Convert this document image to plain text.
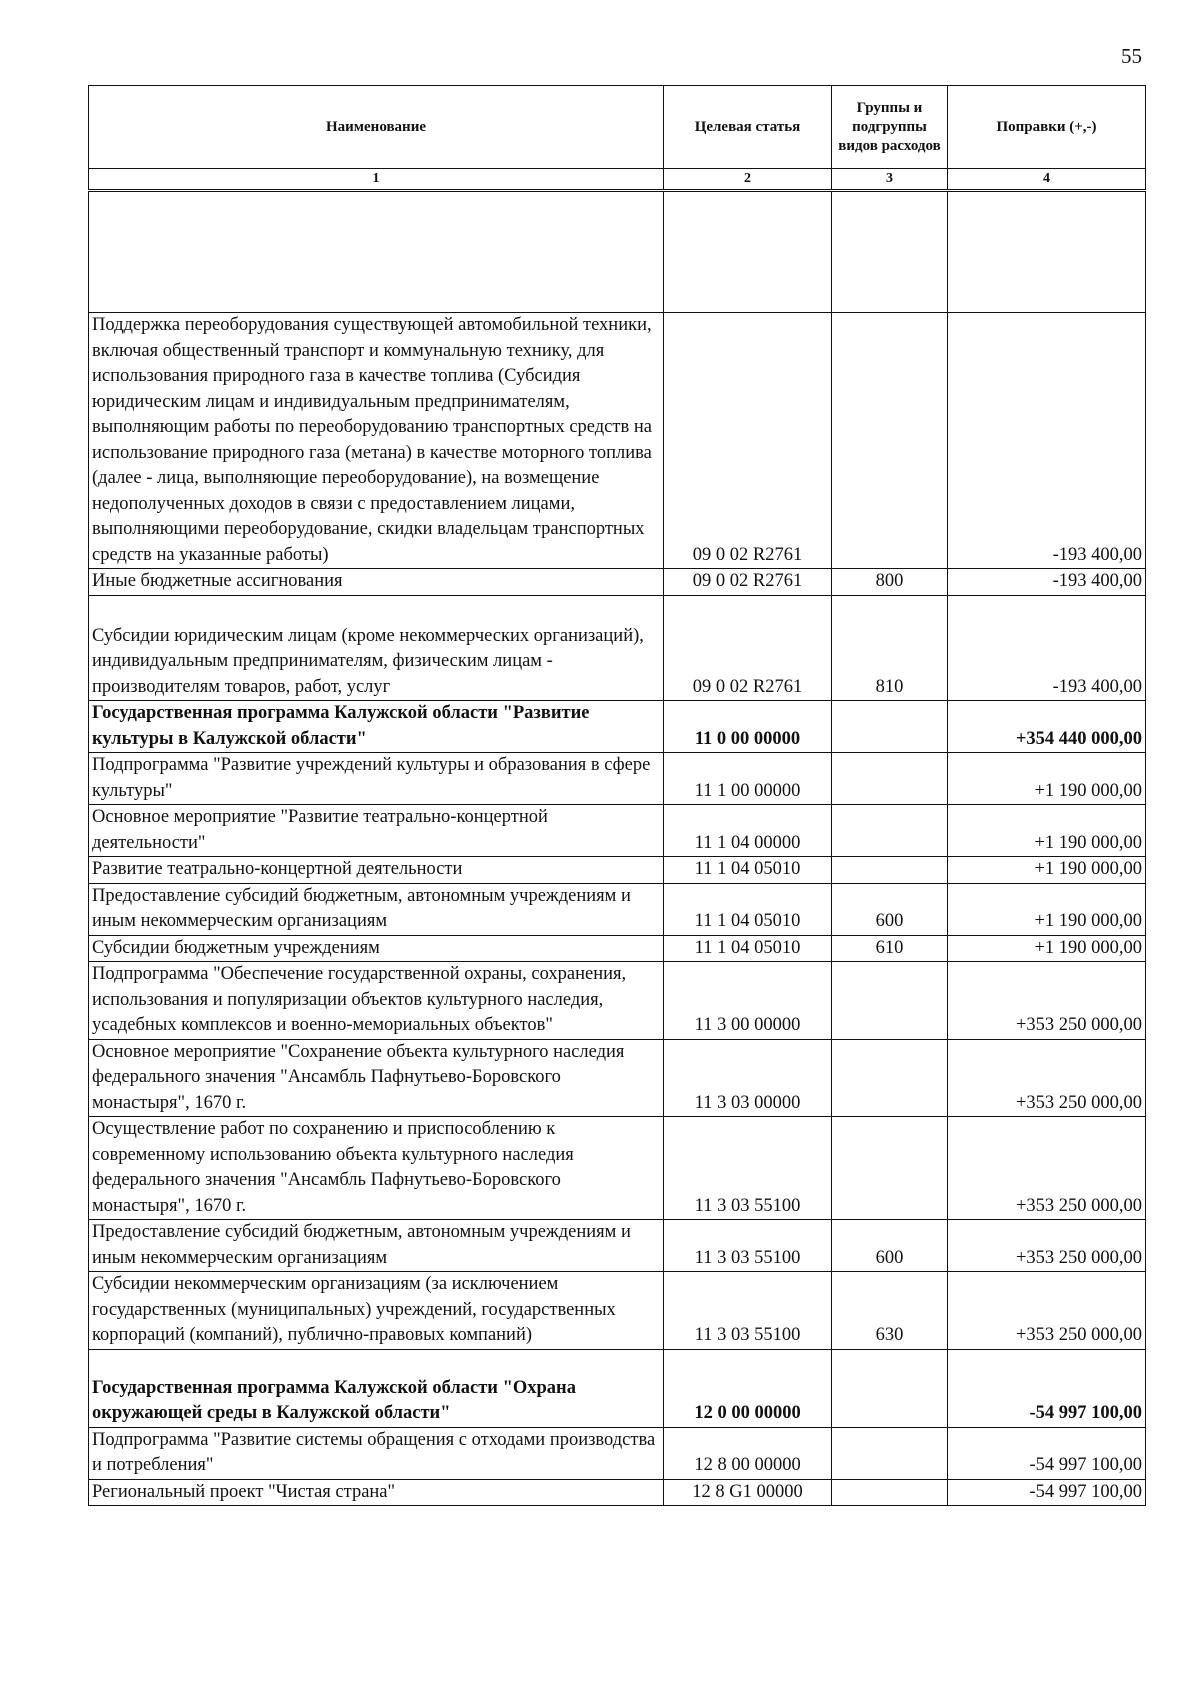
55
Наименование	Целевая статья	Группы и подгруппы видов расходов	Поправки (+,-)
1	2	3	4

Поддержка переоборудования существующей автомобильной техники, включая общественный транспорт и коммунальную технику, для использования природного газа в качестве топлива (Субсидия юридическим лицам и индивидуальным предпринимателям, выполняющим работы по переоборудованию транспортных средств на использование природного газа (метана) в качестве моторного топлива (далее - лица, выполняющие переоборудование), на возмещение недополученных доходов в связи с предоставлением лицами, выполняющими переоборудование, скидки владельцам транспортных средств на указанные работы)	09 0 02 R2761		-193 400,00
Иные бюджетные ассигнования	09 0 02 R2761	800	-193 400,00
Субсидии юридическим лицам (кроме некоммерческих организаций), индивидуальным предпринимателям, физическим лицам - производителям товаров, работ, услуг	09 0 02 R2761	810	-193 400,00
Государственная программа Калужской области "Развитие культуры в Калужской области"	11 0 00 00000		+354 440 000,00
Подпрограмма "Развитие учреждений культуры и образования в сфере культуры"	11 1 00 00000		+1 190 000,00
Основное мероприятие "Развитие театрально-концертной деятельности"	11 1 04 00000		+1 190 000,00
Развитие театрально-концертной деятельности	11 1 04 05010		+1 190 000,00
Предоставление субсидий бюджетным, автономным учреждениям и иным некоммерческим организациям	11 1 04 05010	600	+1 190 000,00
Субсидии бюджетным учреждениям	11 1 04 05010	610	+1 190 000,00
Подпрограмма "Обеспечение государственной охраны, сохранения, использования и популяризации объектов культурного наследия, усадебных комплексов и военно-мемориальных объектов"	11 3 00 00000		+353 250 000,00
Основное мероприятие "Сохранение объекта культурного наследия федерального значения "Ансамбль Пафнутьево-Боровского монастыря", 1670 г.	11 3 03 00000		+353 250 000,00
Осуществление работ по сохранению и приспособлению к современному использованию объекта культурного наследия федерального значения "Ансамбль Пафнутьево-Боровского монастыря", 1670 г.	11 3 03 55100		+353 250 000,00
Предоставление субсидий бюджетным, автономным учреждениям и иным некоммерческим организациям	11 3 03 55100	600	+353 250 000,00
Субсидии некоммерческим организациям (за исключением государственных (муниципальных) учреждений, государственных корпораций (компаний), публично-правовых компаний)	11 3 03 55100	630	+353 250 000,00
Государственная программа Калужской области "Охрана окружающей среды в Калужской области"	12 0 00 00000		-54 997 100,00
Подпрограмма "Развитие системы обращения с отходами производства и потребления"	12 8 00 00000		-54 997 100,00
Региональный проект "Чистая страна"	12 8 G1 00000		-54 997 100,00
